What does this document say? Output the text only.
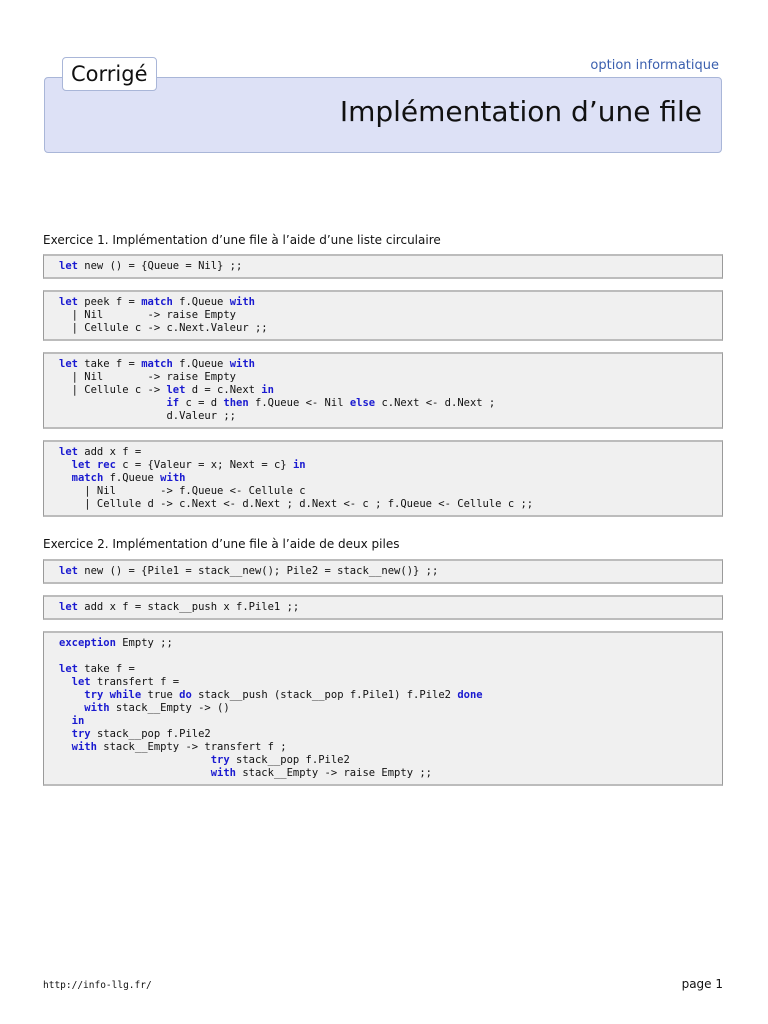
option informatique
Corrigé
Implémentation d’une file
Exercice 1. Implémentation d’une file à l’aide d’une liste circulaire
let new () = {Queue = Nil} ;;
let peek f = match f.Queue with
| Nil       -> raise Empty
| Cellule c -> c.Next.Valeur ;;
let take f = match f.Queue with
| Nil       -> raise Empty
| Cellule c -> let d = c.Next in
if c = d then f.Queue <- Nil else c.Next <- d.Next ;
d.Valeur ;;
let add x f =
let rec c = {Valeur = x; Next = c} in
match f.Queue with
| Nil       -> f.Queue <- Cellule c
| Cellule d -> c.Next <- d.Next ; d.Next <- c ; f.Queue <- Cellule c ;;
Exercice 2. Implémentation d’une file à l’aide de deux piles
let new () = {Pile1 = stack__new(); Pile2 = stack__new()} ;;
let add x f = stack__push x f.Pile1 ;;
exception Empty ;;

let take f =
let transfert f =
try while true do stack__push (stack__pop f.Pile1) f.Pile2 done
with stack__Empty -> ()
in
try stack__pop f.Pile2
with stack__Empty -> transfert f ;
try stack__pop f.Pile2
with stack__Empty -> raise Empty ;;
http://info-llg.fr/	page 1
